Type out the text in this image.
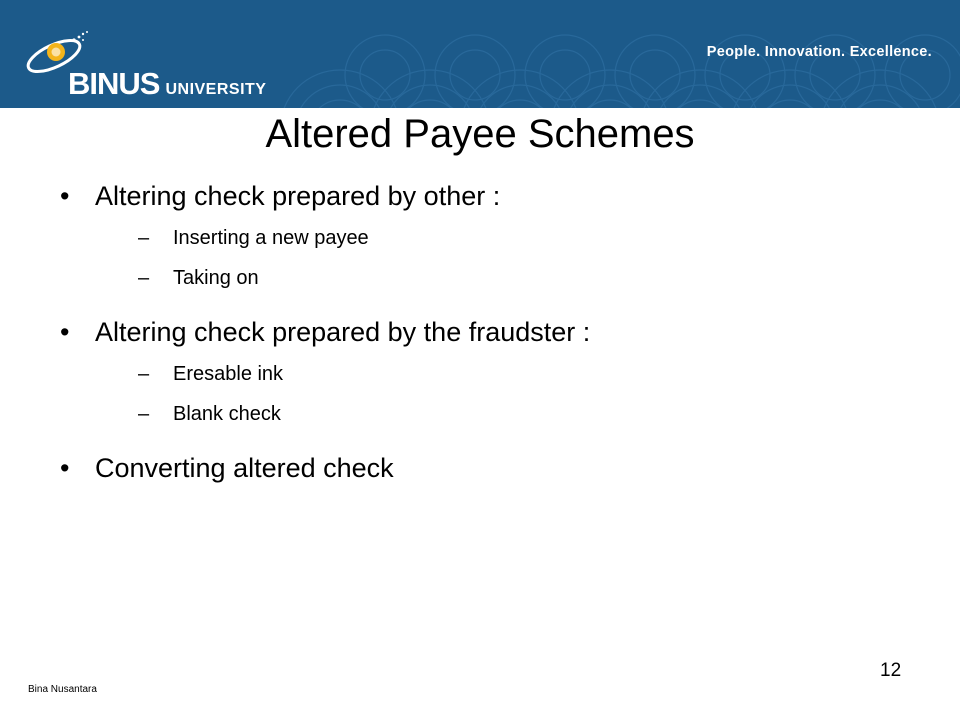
BINUS UNIVERSITY
People. Innovation. Excellence.
Altered Payee Schemes
• Altering check prepared by other :
– Inserting a new payee
– Taking on
• Altering check prepared by the fraudster :
– Eresable ink
– Blank check
• Converting altered check
Bina Nusantara
12
